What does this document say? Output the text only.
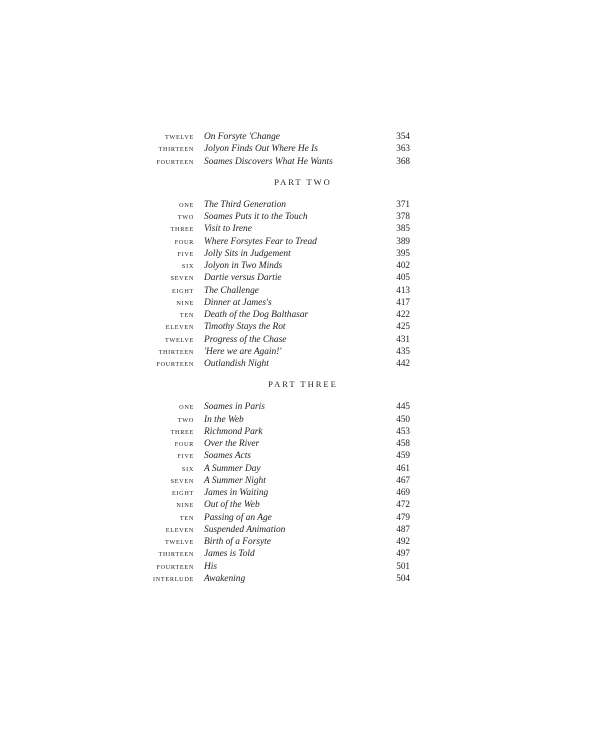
TWELVE	On Forsyte 'Change	354
THIRTEEN	Jolyon Finds Out Where He Is	363
FOURTEEN	Soames Discovers What He Wants	368
PART TWO
ONE	The Third Generation	371
TWO	Soames Puts it to the Touch	378
THREE	Visit to Irene	385
FOUR	Where Forsytes Fear to Tread	389
FIVE	Jolly Sits in Judgement	395
SIX	Jolyon in Two Minds	402
SEVEN	Dartie versus Dartie	405
EIGHT	The Challenge	413
NINE	Dinner at James's	417
TEN	Death of the Dog Balthasar	422
ELEVEN	Timothy Stays the Rot	425
TWELVE	Progress of the Chase	431
THIRTEEN	'Here we are Again!'	435
FOURTEEN	Outlandish Night	442
PART THREE
ONE	Soames in Paris	445
TWO	In the Web	450
THREE	Richmond Park	453
FOUR	Over the River	458
FIVE	Soames Acts	459
SIX	A Summer Day	461
SEVEN	A Summer Night	467
EIGHT	James in Waiting	469
NINE	Out of the Web	472
TEN	Passing of an Age	479
ELEVEN	Suspended Animation	487
TWELVE	Birth of a Forsyte	492
THIRTEEN	James is Told	497
FOURTEEN	His	501
INTERLUDE	Awakening	504
